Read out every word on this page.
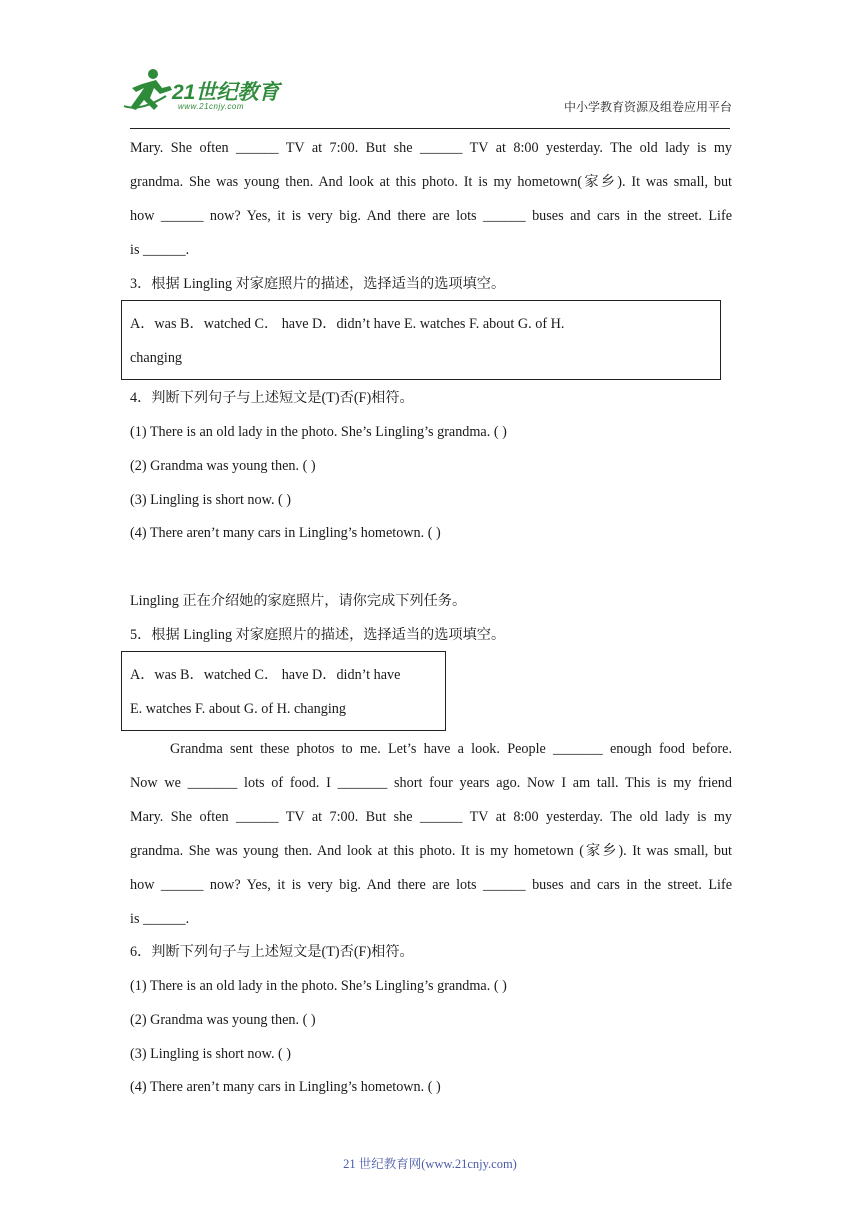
21世纪教育
www.21cnjy.com	中小学教育资源及组卷应用平台
Mary. She often ______ TV at 7:00. But she ______ TV at 8:00 yesterday. The old lady is my
grandma. She was young then. And look at this photo. It is my hometown(家乡). It was small, but
how ______ now? Yes, it is very big. And there are lots ______ buses and cars in the street. Life
is ______.
3．根据 Lingling 对家庭照片的描述，选择适当的选项填空。
A．was B．watched C． have D．didn’t have E. watches F. about G. of H.
changing
4．判断下列句子与上述短文是(T)否(F)相符。
(1) There is an old lady in the photo. She’s Lingling’s grandma. ( )
(2) Grandma was young then. ( )
(3) Lingling is short now. ( )
(4) There aren’t many cars in Lingling’s hometown. ( )
Lingling 正在介绍她的家庭照片，请你完成下列任务。
5．根据 Lingling 对家庭照片的描述，选择适当的选项填空。
A．was B．watched C． have D．didn’t have
E. watches F. about G. of H. changing
Grandma sent these photos to me. Let’s have a look. People _______ enough food before.
Now we _______ lots of food. I _______ short four years ago. Now I am tall. This is my friend
Mary. She often ______ TV at 7:00. But she ______ TV at 8:00 yesterday. The old lady is my
grandma. She was young then. And look at this photo. It is my hometown (家乡). It was small, but
how ______ now? Yes, it is very big. And there are lots ______ buses and cars in the street. Life
is ______.
6．判断下列句子与上述短文是(T)否(F)相符。
(1) There is an old lady in the photo. She’s Lingling’s grandma. ( )
(2) Grandma was young then. ( )
(3) Lingling is short now. ( )
(4) There aren’t many cars in Lingling’s hometown. ( )
21 世纪教育网(www.21cnjy.com)
